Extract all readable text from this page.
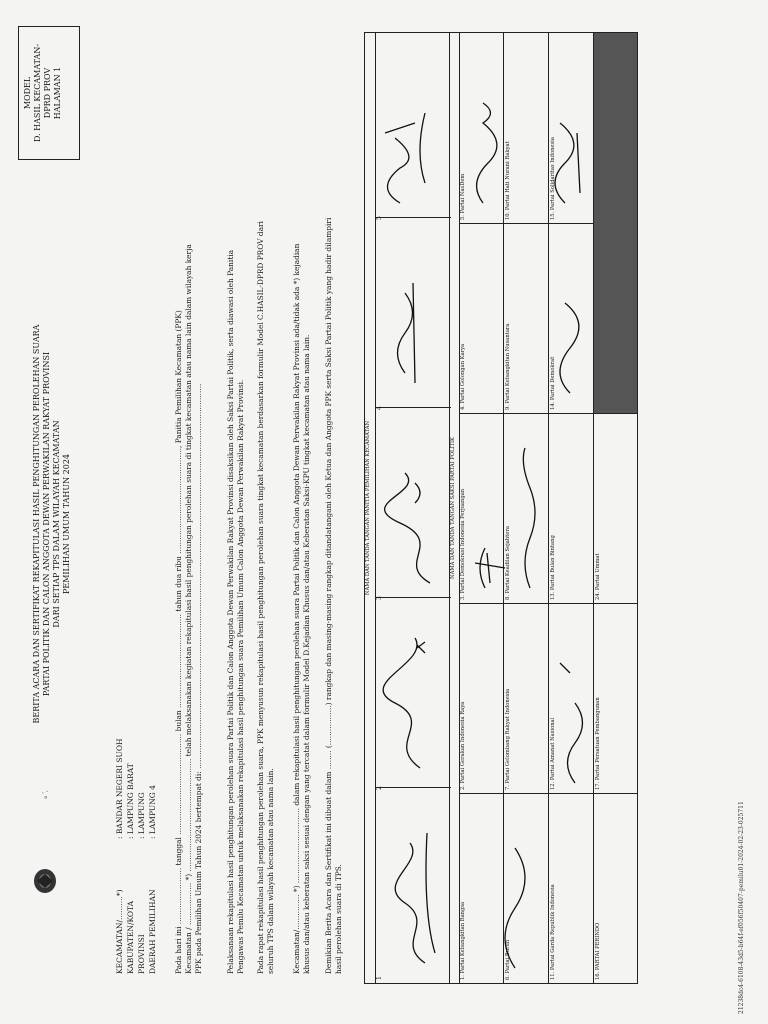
ܘ ',
BERITA ACARA DAN SERTIFIKAT REKAPITULASI HASIL PENGHITUNGAN PEROLEHAN SUARA PARTAI POLITIK DAN CALON ANGGOTA DEWAN PERWAKILAN RAKYAT PROVINSI DARI SETIAP TPS DALAM WILAYAH KECAMATAN PEMILIHAN UMUM TAHUN 2024
MODEL D. HASIL KECAMATAN- DPRD PROV HALAMAN 1
KECAMATAN/..........*) KABUPATEN/KOTA PROVINSI DAERAH PEMILIHAN
: BANDAR NEGERI SUOH : LAMPUNG BARAT : LAMPUNG : LAMPUNG 4 Pada hari ini ........................ tanggal ........................................... bulan ........................................ tahun dua ribu ............................................., Panitia Pemilihan Kecamatan (PPK) Kecamatan / .................. *) ................................................ telah melaksanakan kegiatan rekapitulasi hasil penghitungan perolehan suara di tingkat kecamatan atau nama lain dalam wilayah kerja PPK pada Pemilihan Umum Tahun 2024 bertempat di: ....................................................................................................................................................................	Pelaksanaan rekapitulasi hasil penghitungan perolehan suara Partai Politik dan Calon Anggota Dewan Perwakilan Rakyat Provinsi disaksikan oleh Saksi Partai Politik, serta diawasi oleh Panitia Pengawas Pemilu Kecamatan untuk melaksanakan rekapitulasi hasil penghitungan suara Pemilihan Umum Calon Anggota Dewan Perwakilan Rakyat Provinsi. Pada rapat rekapitulasi hasil penghitungan perolehan suara, PPK menyusun rekapitulasi hasil penghitungan perolehan suara tingkat kecamatan berdasarkan formulir Model C.HASIL-DPRD PROV dari seluruh TPS dalam wilayah kecamatan atau nama lain. Kecamatan/............... *) ................................ dalam rekapitulasi hasil penghitungan perolehan suara Partai Politik dan Calon Anggota Dewan Perwakilan Rakyat Provinsi ada/tidak ada *) kejadian khusus dan/atau keberatan saksi sesuai dengan yang tercatat dalam formulir Model D.Kejadian Khusus dan/atau Keberatan Saksi-KPU tingkat kecamatan atau nama lain. Demikian Berita Acara dan Sertifikat ini dibuat dalam ........ (.................) rangkap dan masing-masing rangkap ditandatangani oleh Ketua dan Anggota PPK serta Saksi Partai Politik yang hadir dilampiri hasil perolehan suara di TPS.
NAMA DAN TANDA TANGAN PANITIA PEMILIHAN KECAMATAN
1
2
3
4
5
NAMA DAN TANDA TANGAN SAKSI PARTAI POLITIK
1. Partai Kebangkitan Bangsa
2. Partai Gerakan Indonesia Raya
3. Partai Demokrasi Indonesia Perjuangan
4. Partai Golongan Karya
5. Partai NasDem
6. Partai Buruh
7. Partai Gelombang Rakyat Indonesia
8. Partai Keadilan Sejahtera
9. Partai Kebangkitan Nusantara
10. Partai Hati Nurani Rakyat
11. Partai Garda Republik Indonesia
12. Partai Amanat Nasional
13. Partai Bulan Bintang
14. Partai Demokrat
15. Partai Solidaritas Indonesia
16. PARTAI PERINDO
17. Partai Persatuan Pembangunan
24. Partai Ummat
21238dc4-6108-43d5-b64f-ef056f50407-pemilu01-2024-02-23-025711
